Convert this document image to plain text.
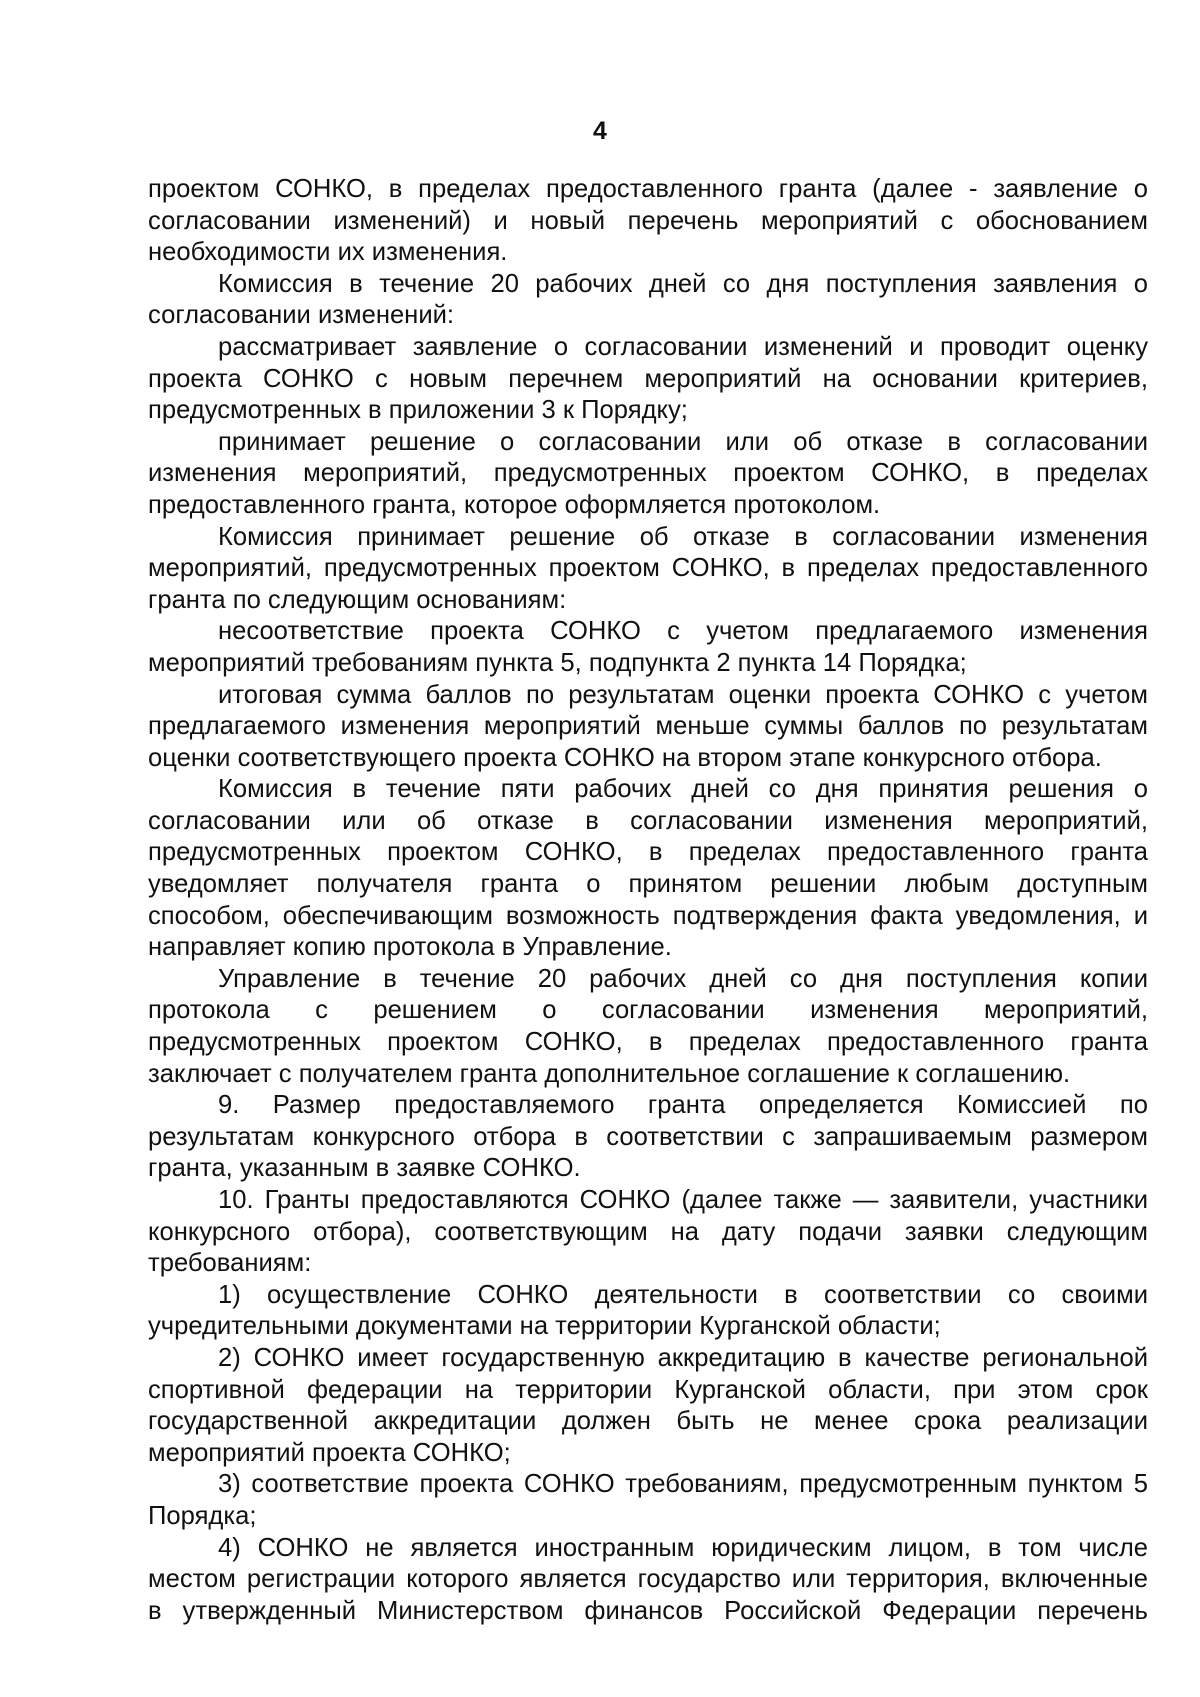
4

проектом СОНКО, в пределах предоставленного гранта (далее - заявление о
согласовании изменений) и новый перечень мероприятий с обоснованием
необходимости их изменения.

Комиссия в течение 20 рабочих дней со дня поступления заявления о
согласовании изменений:

рассматривает заявление о согласовании изменений и проводит оценку
проекта СОНКО с новым перечнем мероприятий на основании критериев,
предусмотренных в приложении 3 к Порядку;

принимает решение о согласовании или об отказе в согласовании
изменения мероприятий, предусмотренных проектом СОНКО, в пределах
предоставленного гранта, которое оформляется протоколом.

Комиссия принимает решение об отказе в согласовании изменения
мероприятий, предусмотренных проектом СОНКО, в пределах предоставленного
гранта по следующим основаниям:

несоответствие проекта СОНКО с учетом предлагаемого изменения
мероприятий требованиям пункта 5, подпункта 2 пункта 14 Порядка;

итоговая сумма баллов по результатам оценки проекта СОНКО с учетом
предлагаемого изменения мероприятий меньше суммы баллов по результатам
оценки соответствующего проекта СОНКО на втором этапе конкурсного отбора.

Комиссия в течение пяти рабочих дней со дня принятия решения о
согласовании или об отказе в согласовании изменения мероприятий,
предусмотренных проектом СОНКО, в пределах предоставленного гранта
уведомляет получателя гранта о принятом решении любым доступным
способом, обеспечивающим возможность подтверждения факта уведомления, и
направляет копию протокола в Управление.

Управление в течение 20 рабочих дней со дня поступления копии
протокола с решением о согласовании изменения мероприятий,
предусмотренных проектом СОНКО, в пределах предоставленного гранта
заключает с получателем гранта дополнительное соглашение к соглашению.

9. Размер предоставляемого гранта определяется Комиссией по
результатам конкурсного отбора в соответствии с запрашиваемым размером
гранта, указанным в заявке СОНКО.

10. Гранты предоставляются СОНКО (далее также — заявители, участники
конкурсного отбора), соответствующим на дату подачи заявки следующим
требованиям:

1) осуществление СОНКО деятельности в соответствии со своими
учредительными документами на территории Курганской области;

2) СОНКО имеет государственную аккредитацию в качестве региональной
спортивной федерации на территории Курганской области, при этом срок
государственной аккредитации должен быть не менее срока реализации
мероприятий проекта СОНКО;

3) соответствие проекта СОНКО требованиям, предусмотренным пунктом 5
Порядка;

4) СОНКО не является иностранным юридическим лицом, в том числе
местом регистрации которого является государство или территория, включенные
в утвержденный Министерством финансов Российской Федерации перечень
